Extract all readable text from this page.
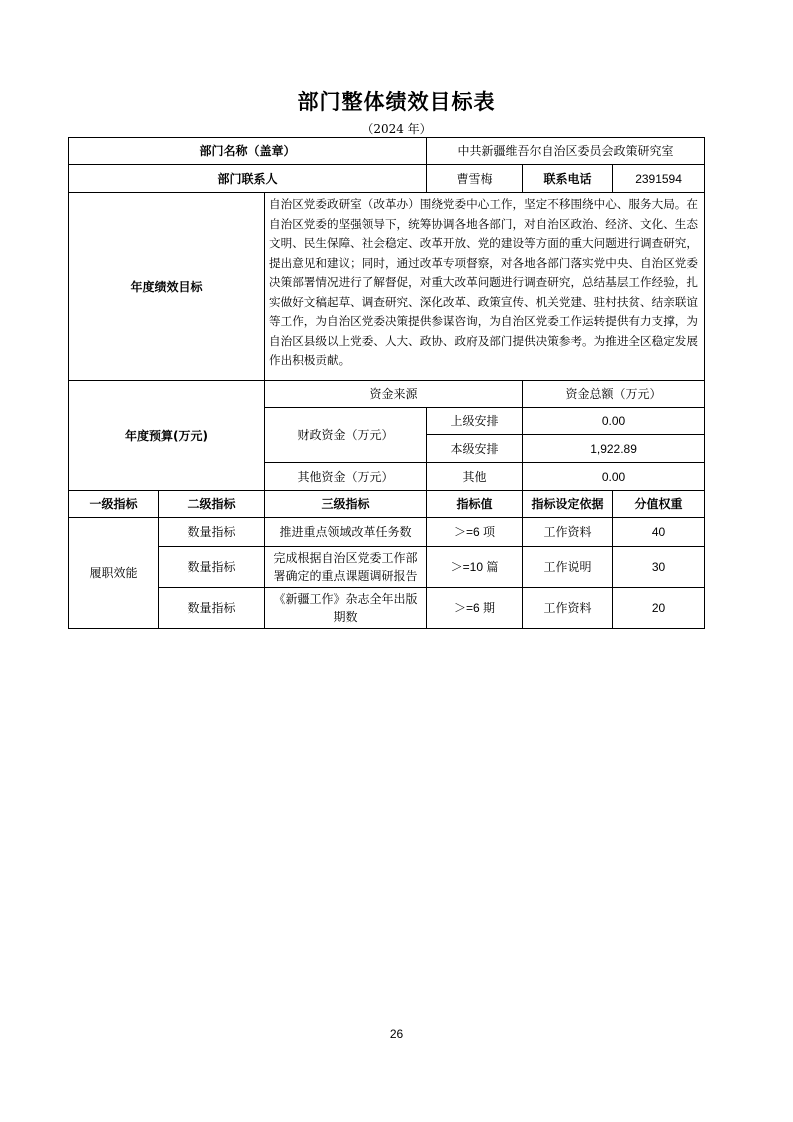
部门整体绩效目标表
（2024 年）
部门名称（盖章）			中共新疆维吾尔自治区委员会政策研究室		
部门联系人			曹雪梅	联系电话	2391594
年度绩效目标		自治区党委政研室（改革办）围绕党委中心工作，坚定不移围绕中心、服务大局。在自治区党委的坚强领导下，统筹协调各地各部门，对自治区政治、经济、文化、生态文明、民生保障、社会稳定、改革开放、党的建设等方面的重大问题进行调查研究，提出意见和建议；同时，通过改革专项督察，对各地各部门落实党中央、自治区党委决策部署情况进行了解督促，对重大改革问题进行调查研究，总结基层工作经验，扎实做好文稿起草、调查研究、深化改革、政策宣传、机关党建、驻村扶贫、结亲联谊等工作，为自治区党委决策提供参谋咨询，为自治区党委工作运转提供有力支撑，为自治区县级以上党委、人大、政协、政府及部门提供决策参考。为推进全区稳定发展作出积极贡献。			
年度预算(万元)		资金来源		资金总额（万元）	
		财政资金（万元）	上级安排	0.00	
			本级安排	1,922.89	
		其他资金（万元）	其他	0.00	
一级指标	二级指标	三级指标	指标值	指标设定依据	分值权重
履职效能	数量指标	推进重点领域改革任务数	＞=6 项	工作资料	40
	数量指标	完成根据自治区党委工作部署确定的重点课题调研报告	＞=10 篇	工作说明	30
	数量指标	《新疆工作》杂志全年出版期数	＞=6 期	工作资料	20
26
